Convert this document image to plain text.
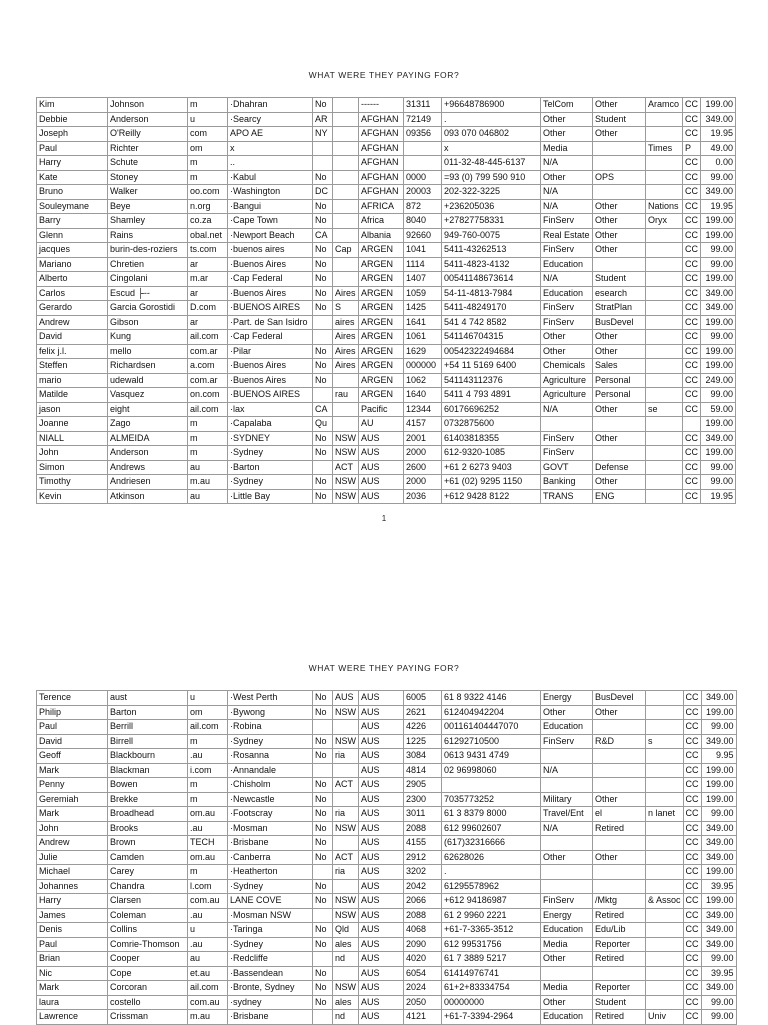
WHAT WERE THEY PAYING FOR?
Kim	Johnson	m	·Dhahran	No		------	31311	+96648786900	TelCom	Other	Aramco	CC	199.00
Debbie	Anderson	u	·Searcy	AR		AFGHAN	72149	.	Other	Student		CC	349.00
Joseph	O'Reilly	com	APO AE	NY		AFGHAN	09356	093 070 046802	Other	Other		CC	19.95
Paul	Richter	om	x			AFGHAN		x	Media		Times	P	49.00
Harry	Schute	m	..			AFGHAN		011-32-48-445-6137	N/A			CC	0.00
Kate	Stoney	m	·Kabul	No		AFGHAN	0000	=93 (0) 799 590 910	Other	OPS		CC	99.00
Bruno	Walker	oo.com	·Washington	DC		AFGHAN	20003	202-322-3225	N/A			CC	349.00
Souleymane	Beye	n.org	·Bangui	No		AFRICA	872	+236205036	N/A	Other	Nations	CC	19.95
Barry	Shamley	co.za	·Cape Town	No		Africa	8040	+27827758331	FinServ	Other	Oryx	CC	199.00
Glenn	Rains	obal.net	·Newport Beach	CA		Albania	92660	949-760-0075	Real Estate	Other		CC	199.00
jacques	burin-des-roziers	ts.com	·buenos aires	No	Cap	ARGEN	1041	5411-43262513	FinServ	Other		CC	99.00
Mariano	Chretien	ar	·Buenos Aires	No		ARGEN	1114	5411-4823-4132	Education			CC	99.00
Alberto	Cingolani	m.ar	·Cap Federal	No		ARGEN	1407	00541148673614	N/A	Student		CC	199.00
Carlos	Escud ├--	ar	·Buenos Aires	No	Aires	ARGEN	1059	54-11-4813-7984	Education	esearch		CC	349.00
Gerardo	Garcia Gorostidi	D.com	·BUENOS AIRES	No	S	ARGEN	1425	5411-48249170	FinServ	StratPlan		CC	349.00
Andrew	Gibson	ar	·Part. de San Isidro		aires	ARGEN	1641	541 4 742 8582	FinServ	BusDevel		CC	199.00
David	Kung	ail.com	·Cap Federal		Aires	ARGEN	1061	541146704315	Other	Other		CC	99.00
felix j.l.	mello	com.ar	·Pilar	No	Aires	ARGEN	1629	00542322494684	Other	Other		CC	199.00
Steffen	Richardsen	a.com	·Buenos Aires	No	Aires	ARGEN	000000	+54 11 5169 6400	Chemicals	Sales		CC	199.00
mario	udewald	com.ar	·Buenos Aires	No		ARGEN	1062	541143112376	Agriculture	Personal		CC	249.00
Matilde	Vasquez	on.com	·BUENOS AIRES		rau	ARGEN	1640	5411 4 793 4891	Agriculture	Personal		CC	99.00
jason	eight	ail.com	·lax	CA		Pacific	12344	60176696252	N/A	Other	se	CC	59.00
Joanne	Zago	m	·Capalaba	Qu		AU	4157	0732875600					199.00
NIALL	ALMEIDA	m	·SYDNEY	No	NSW	AUS	2001	61403818355	FinServ	Other		CC	349.00
John	Anderson	m	·Sydney	No	NSW	AUS	2000	612-9320-1085	FinServ			CC	199.00
Simon	Andrews	au	·Barton		ACT	AUS	2600	+61 2 6273 9403	GOVT	Defense		CC	99.00
Timothy	Andriesen	m.au	·Sydney	No	NSW	AUS	2000	+61 (02) 9295 1150	Banking	Other		CC	99.00
Kevin	Atkinson	au	·Little Bay	No	NSW	AUS	2036	+612 9428 8122	TRANS	ENG		CC	19.95
1
WHAT WERE THEY PAYING FOR?
Terence	aust	u	·West Perth	No	AUS	AUS	6005	61 8 9322 4146	Energy	BusDevel		CC	349.00
Philip	Barton	om	·Bywong	No	NSW	AUS	2621	612404942204	Other	Other		CC	199.00
Paul	Berrill	ail.com	·Robina			AUS	4226	001161404447070	Education			CC	99.00
David	Birrell	m	·Sydney	No	NSW	AUS	1225	61292710500	FinServ	R&D	s	CC	349.00
Geoff	Blackbourn	.au	·Rosanna	No	ria	AUS	3084	0613 9431 4749				CC	9.95
Mark	Blackman	i.com	·Annandale			AUS	4814	02 96998060	N/A			CC	199.00
Penny	Bowen	m	·Chisholm	No	ACT	AUS	2905					CC	199.00
Geremiah	Brekke	m	·Newcastle	No		AUS	2300	7035773252	Military	Other		CC	199.00
Mark	Broadhead	om.au	·Footscray	No	ria	AUS	3011	61 3 8379 8000	Travel/Ent	el	n lanet	CC	99.00
John	Brooks	.au	·Mosman	No	NSW	AUS	2088	612 99602607	N/A	Retired		CC	349.00
Andrew	Brown	TECH	·Brisbane	No		AUS	4155	(617)32316666				CC	349.00
Julie	Camden	om.au	·Canberra	No	ACT	AUS	2912	62628026	Other	Other		CC	349.00
Michael	Carey	m	·Heatherton		ria	AUS	3202	.				CC	199.00
Johannes	Chandra	l.com	·Sydney	No		AUS	2042	61295578962				CC	39.95
Harry	Clarsen	com.au	LANE COVE	No	NSW	AUS	2066	+612 94186987	FinServ	/Mktg	& Assoc	CC	199.00
James	Coleman	.au	·Mosman NSW		NSW	AUS	2088	61 2 9960 2221	Energy	Retired		CC	349.00
Denis	Collins	u	·Taringa	No	Qld	AUS	4068	+61-7-3365-3512	Education	Edu/Lib		CC	349.00
Paul	Comrie-Thomson	.au	·Sydney	No	ales	AUS	2090	612 99531756	Media	Reporter		CC	349.00
Brian	Cooper	au	·Redcliffe		nd	AUS	4020	61 7 3889 5217	Other	Retired		CC	99.00
Nic	Cope	et.au	·Bassendean	No		AUS	6054	61414976741				CC	39.95
Mark	Corcoran	ail.com	·Bronte, Sydney	No	NSW	AUS	2024	61+2+83334754	Media	Reporter		CC	349.00
laura	costello	com.au	·sydney	No	ales	AUS	2050	00000000	Other	Student		CC	99.00
Lawrence	Crissman	m.au	·Brisbane		nd	AUS	4121	+61-7-3394-2964	Education	Retired	Univ	CC	99.00
